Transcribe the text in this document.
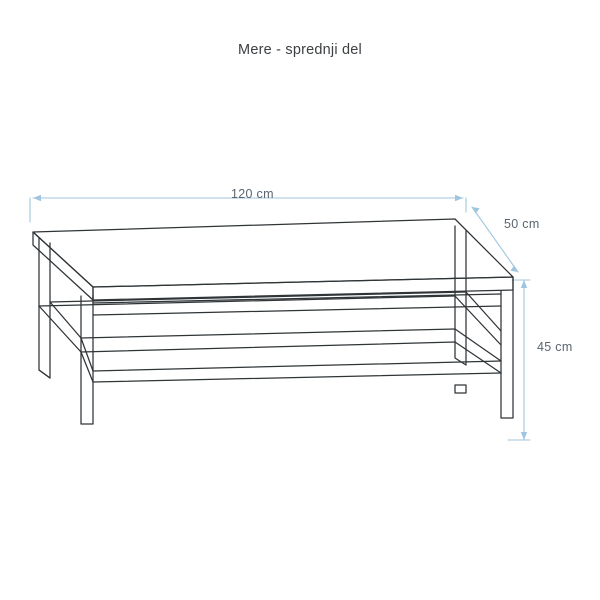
Mere - sprednji del
120 cm
50 cm
45 cm
